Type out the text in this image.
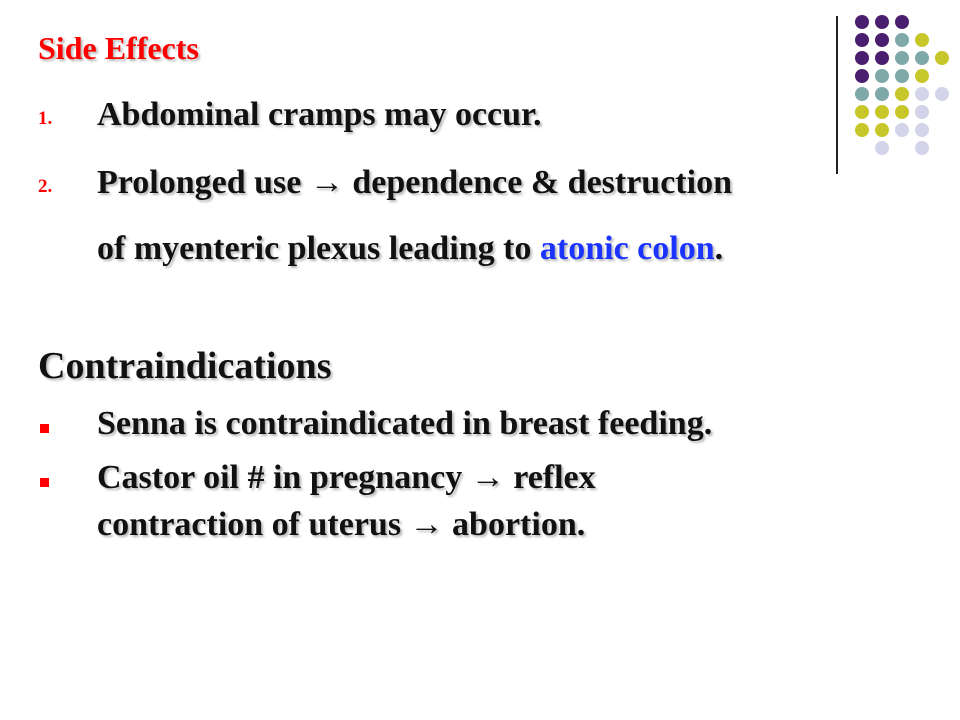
Side Effects
1. Abdominal cramps may occur.
2. Prolonged use → dependence & destruction
of myenteric plexus leading to atonic colon.
Contraindications
Senna is contraindicated in breast feeding.
Castor oil # in pregnancy → reflex
contraction of uterus → abortion.
